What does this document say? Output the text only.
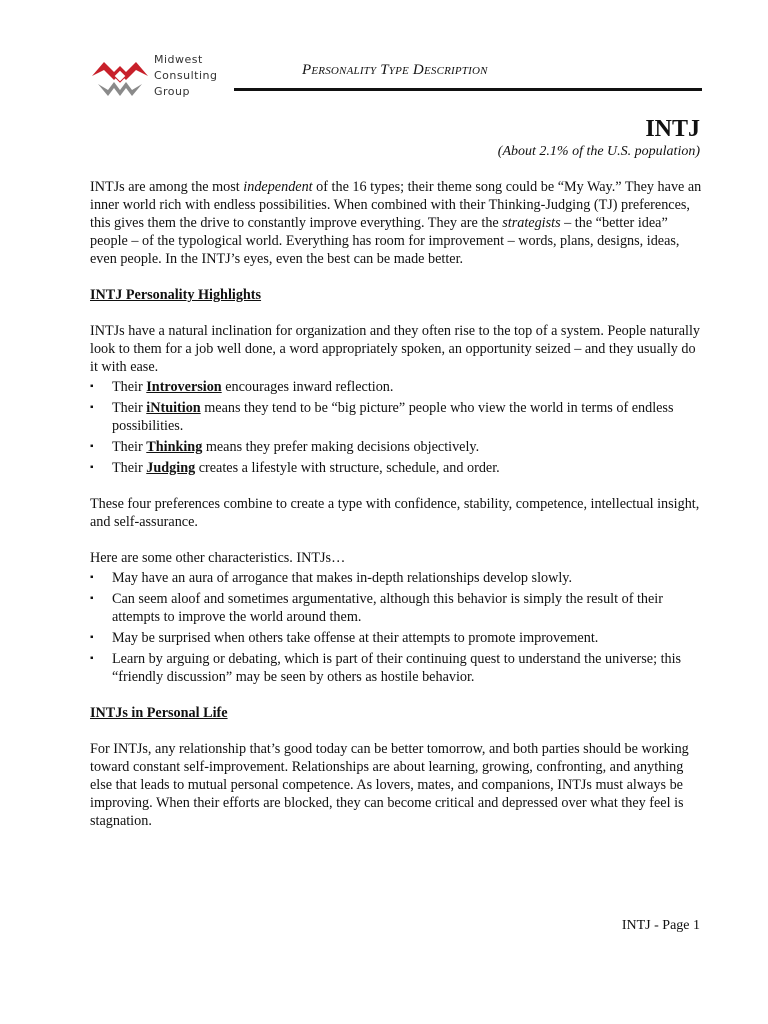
Midwest
Consulting
Group
Personality Type Description
INTJ
(About 2.1% of the U.S. population)

INTJs are among the most independent of the 16 types; their theme song could be “My Way.” They have an inner world rich with endless possibilities. When combined with their Thinking-Judging (TJ) preferences, this gives them the drive to constantly improve everything. They are the strategists – the “better idea” people – of the typological world. Everything has room for improvement – words, plans, designs, ideas, even people. In the INTJ’s eyes, even the best can be made better.

INTJ Personality Highlights

INTJs have a natural inclination for organization and they often rise to the top of a system. People naturally look to them for a job well done, a word appropriately spoken, an opportunity seized – and they usually do it with ease.

▪ Their Introversion encourages inward reflection.
▪ Their iNtuition means they tend to be “big picture” people who view the world in terms of endless possibilities.
▪ Their Thinking means they prefer making decisions objectively.
▪ Their Judging creates a lifestyle with structure, schedule, and order.

These four preferences combine to create a type with confidence, stability, competence, intellectual insight, and self-assurance.

Here are some other characteristics. INTJs…

▪ May have an aura of arrogance that makes in-depth relationships develop slowly.
▪ Can seem aloof and sometimes argumentative, although this behavior is simply the result of their attempts to improve the world around them.
▪ May be surprised when others take offense at their attempts to promote improvement.
▪ Learn by arguing or debating, which is part of their continuing quest to understand the universe; this “friendly discussion” may be seen by others as hostile behavior.
INTJs in Personal Life

For INTJs, any relationship that’s good today can be better tomorrow, and both parties should be working toward constant self-improvement. Relationships are about learning, growing, confronting, and anything else that leads to mutual personal competence. As lovers, mates, and companions, INTJs must always be improving. When their efforts are blocked, they can become critical and depressed over what they feel is stagnation.

INTJ - Page 1
